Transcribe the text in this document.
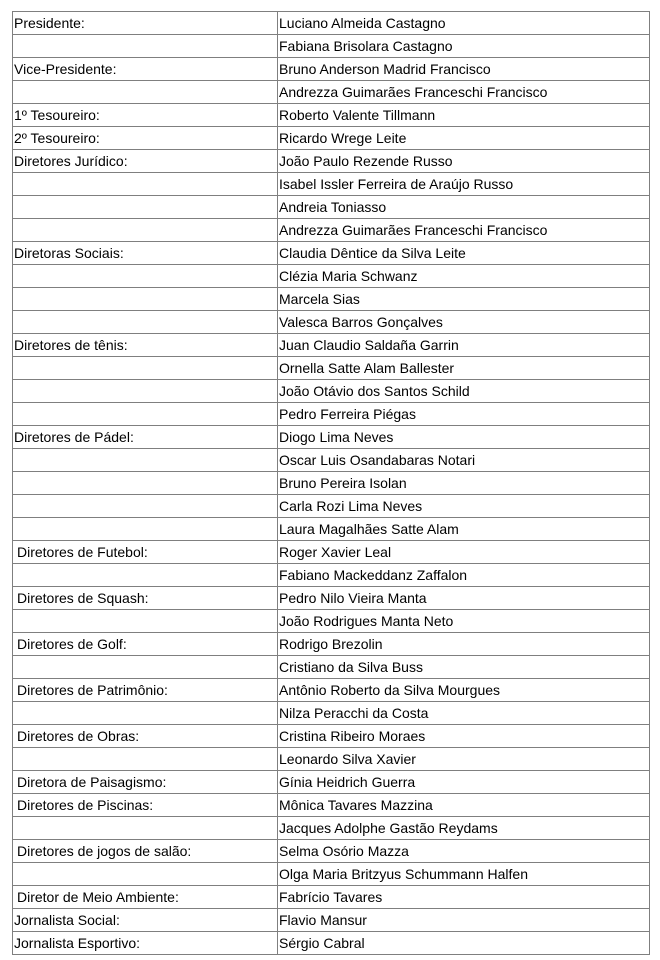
Presidente:	Luciano Almeida Castagno
	Fabiana Brisolara Castagno
Vice-Presidente:	Bruno Anderson Madrid Francisco
	Andrezza Guimarães Franceschi Francisco
1º Tesoureiro:	Roberto Valente Tillmann
2º Tesoureiro:	Ricardo Wrege Leite
Diretores Jurídico:	João Paulo Rezende Russo
	Isabel Issler Ferreira de Araújo Russo
	Andreia Toniasso
	Andrezza Guimarães Franceschi Francisco
Diretoras Sociais:	Claudia Dêntice da Silva Leite
	Clézia Maria Schwanz
	Marcela Sias
	Valesca Barros Gonçalves
Diretores de tênis:	Juan Claudio Saldaña Garrin
	Ornella Satte Alam Ballester
	João Otávio dos Santos Schild
	Pedro Ferreira Piégas
Diretores de Pádel:	Diogo Lima Neves
	Oscar Luis Osandabaras Notari
	Bruno Pereira Isolan
	Carla Rozi Lima Neves
	Laura Magalhães Satte Alam
Diretores de Futebol:	Roger Xavier Leal
	Fabiano Mackeddanz Zaffalon
Diretores de Squash:	Pedro Nilo Vieira Manta
	João Rodrigues Manta Neto
Diretores de Golf:	Rodrigo Brezolin
	Cristiano da Silva Buss
Diretores de Patrimônio:	Antônio Roberto da Silva Mourgues
	Nilza Peracchi da Costa
Diretores de Obras:	Cristina Ribeiro Moraes
	Leonardo Silva Xavier
Diretora de Paisagismo:	Gínia Heidrich Guerra
Diretores de Piscinas:	Mônica Tavares Mazzina
	Jacques Adolphe Gastão Reydams
Diretores de jogos de salão:	Selma Osório Mazza
	Olga Maria Britzyus Schummann Halfen
Diretor de Meio Ambiente:	Fabrício Tavares
Jornalista Social:	Flavio Mansur
Jornalista Esportivo:	Sérgio Cabral
